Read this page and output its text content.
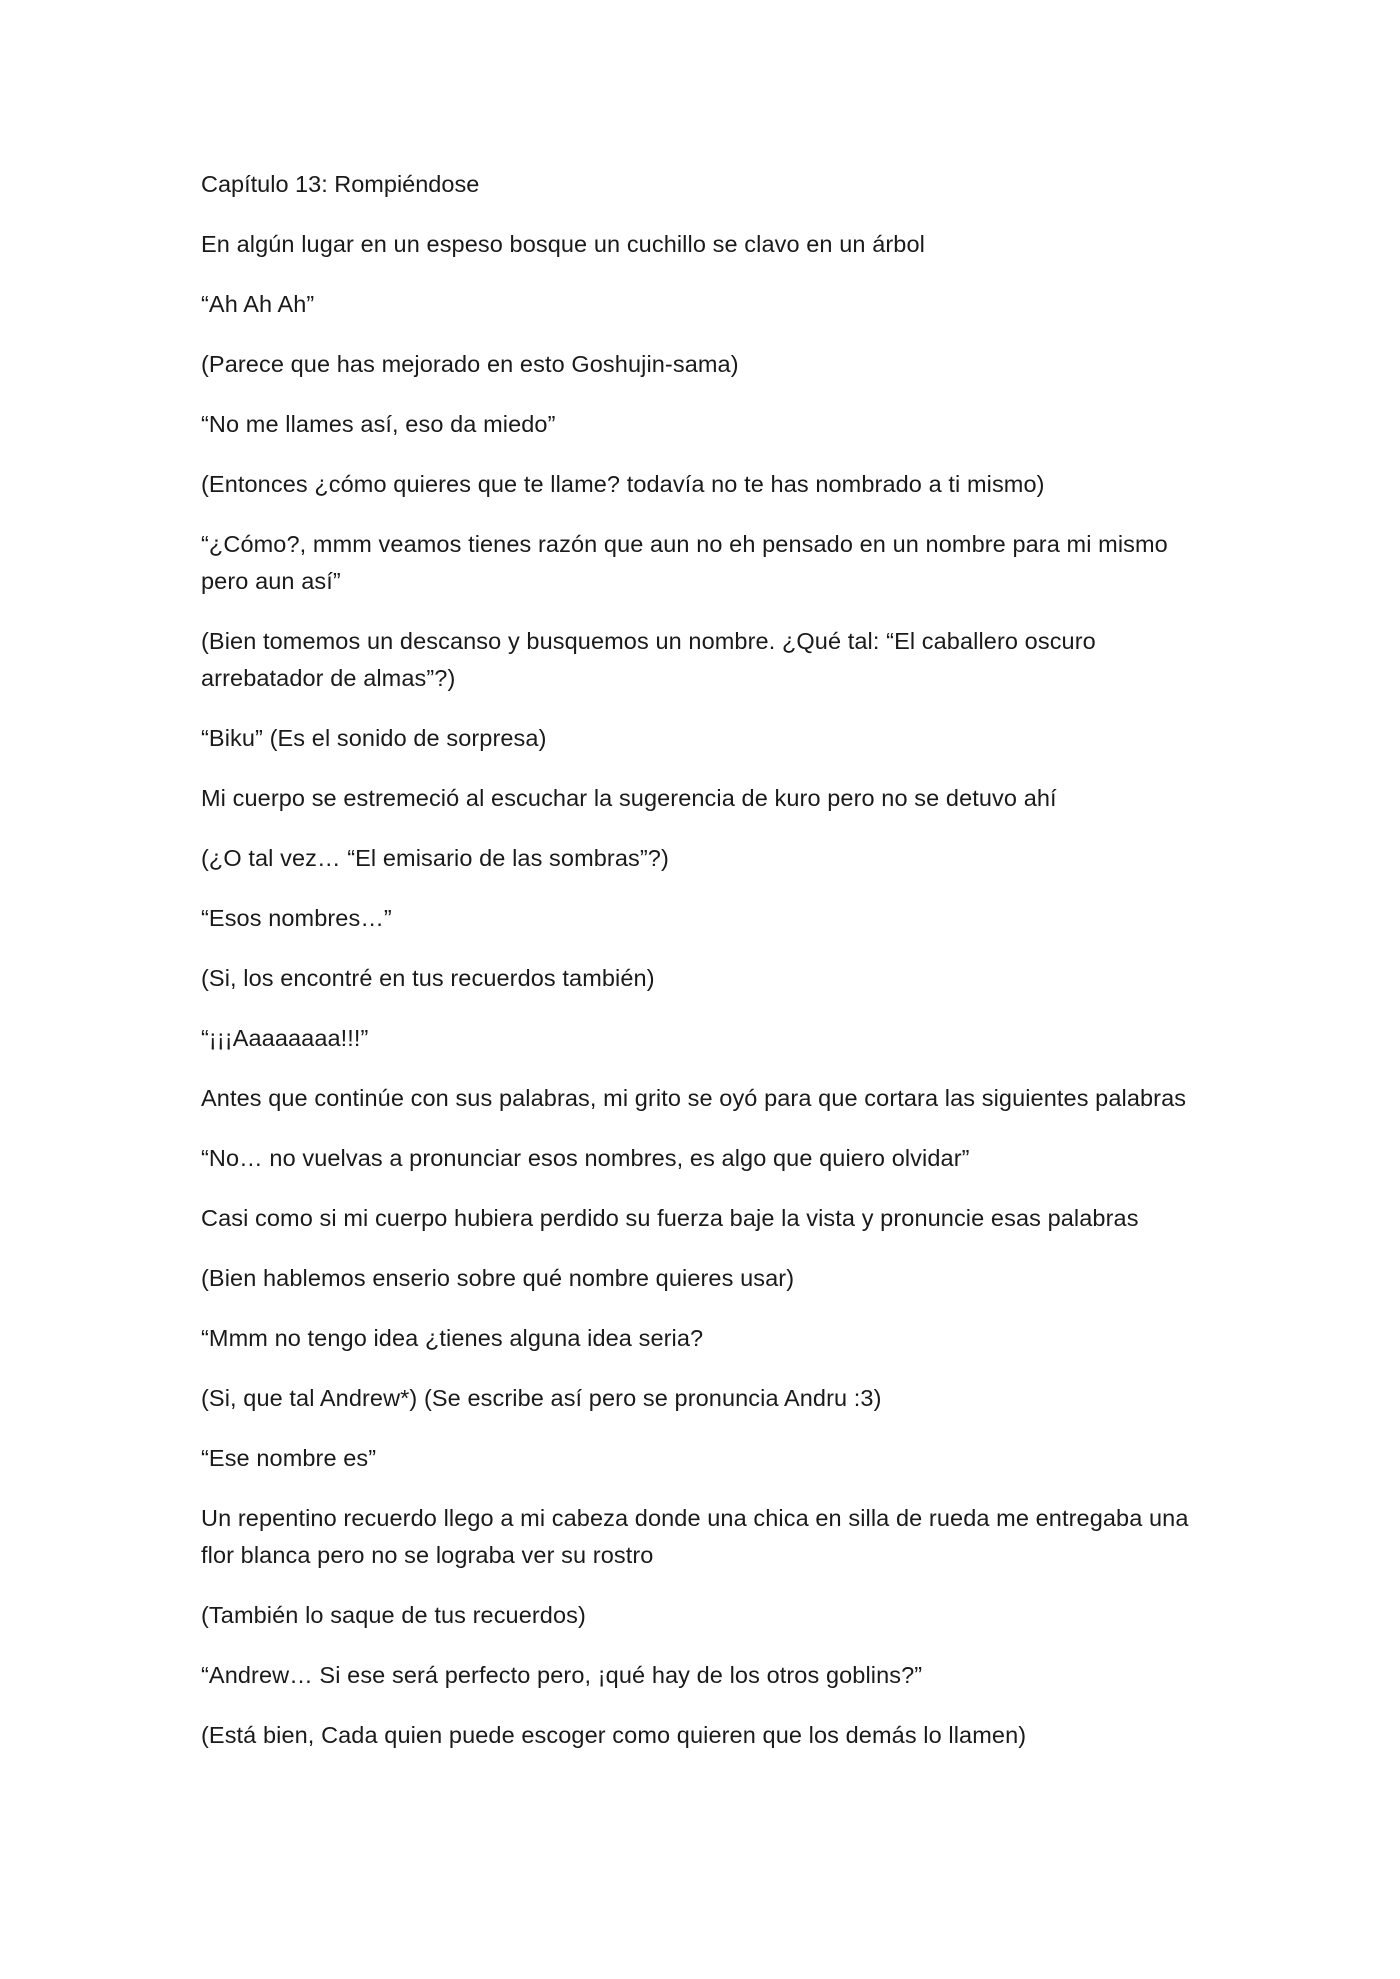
Capítulo 13: Rompiéndose

En algún lugar en un espeso bosque un cuchillo se clavo en un árbol

“Ah Ah Ah”

(Parece que has mejorado en esto Goshujin-sama)

“No me llames así, eso da miedo”

(Entonces ¿cómo quieres que te llame? todavía no te has nombrado a ti mismo)

“¿Cómo?, mmm veamos tienes razón que aun no eh pensado en un nombre para mi mismo pero aun así”

(Bien tomemos un descanso y busquemos un nombre. ¿Qué tal: “El caballero oscuro arrebatador de almas”?)

“Biku” (Es el sonido de sorpresa)

Mi cuerpo se estremeció al escuchar la sugerencia de kuro pero no se detuvo ahí

(¿O tal vez… “El emisario de las sombras”?)

“Esos nombres…”

(Si, los encontré en tus recuerdos también)

“¡¡¡Aaaaaaaa!!!”

Antes que continúe con sus palabras, mi grito se oyó para que cortara las siguientes palabras

“No… no vuelvas a pronunciar esos nombres, es algo que quiero olvidar”

Casi como si mi cuerpo hubiera perdido su fuerza baje la vista y pronuncie esas palabras

(Bien hablemos enserio sobre qué nombre quieres usar)

“Mmm no tengo idea ¿tienes alguna idea seria?

(Si, que tal Andrew*) (Se escribe así pero se pronuncia Andru :3)

“Ese nombre es”

Un repentino recuerdo llego a mi cabeza donde una chica en silla de rueda me entregaba una flor blanca pero no se lograba ver su rostro

(También lo saque de tus recuerdos)

“Andrew… Si ese será perfecto pero, ¡qué hay de los otros goblins?”

(Está bien, Cada quien puede escoger como quieren que los demás lo llamen)
